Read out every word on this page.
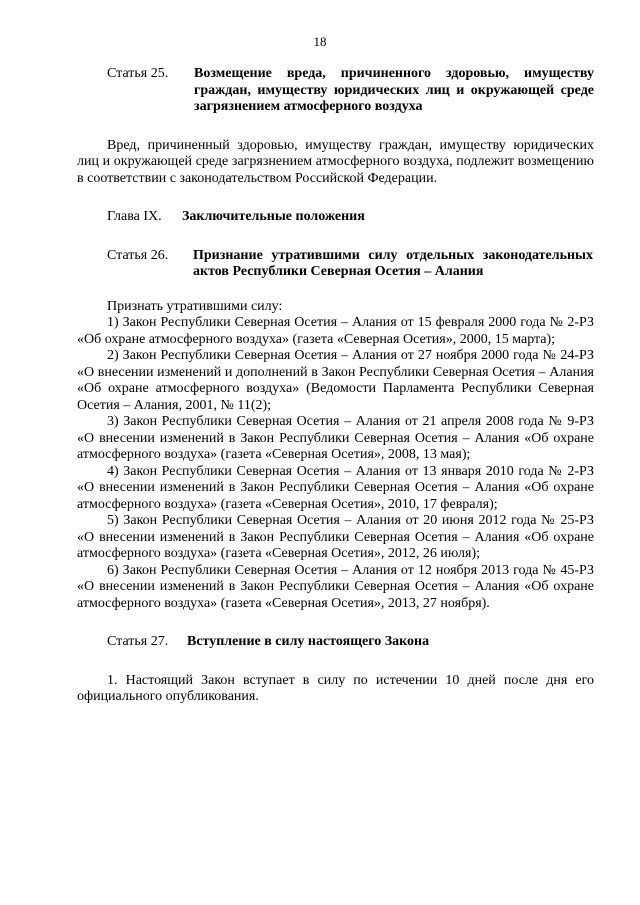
18
Статья 25.	Возмещение вреда, причиненного здоровью, имуществу граждан, имуществу юридических лиц и окружающей среде загрязнением атмосферного воздуха

Вред, причиненный здоровью, имуществу граждан, имуществу юридических лиц и окружающей среде загрязнением атмосферного воздуха, подлежит возмещению в соответствии с законодательством Российской Федерации.

Глава IX.	Заключительные положения
Статья 26.	Признание утратившими силу отдельных законодательных актов Республики Северная Осетия – Алания

Признать утратившими силу:

1) Закон Республики Северная Осетия – Алания от 15 февраля 2000 года № 2-РЗ «Об охране атмосферного воздуха» (газета «Северная Осетия», 2000, 15 марта);

2) Закон Республики Северная Осетия – Алания от 27 ноября 2000 года № 24-РЗ «О внесении изменений и дополнений в Закон Республики Северная Осетия – Алания «Об охране атмосферного воздуха» (Ведомости Парламента Республики Северная Осетия – Алания, 2001, № 11(2);

3) Закон Республики Северная Осетия – Алания от 21 апреля 2008 года № 9-РЗ «О внесении изменений в Закон Республики Северная Осетия – Алания «Об охране атмосферного воздуха» (газета «Северная Осетия», 2008, 13 мая);

4) Закон Республики Северная Осетия – Алания от 13 января 2010 года № 2-РЗ «О внесении изменений в Закон Республики Северная Осетия – Алания «Об охране атмосферного воздуха» (газета «Северная Осетия», 2010, 17 февраля);

5) Закон Республики Северная Осетия – Алания от 20 июня 2012 года № 25-РЗ «О внесении изменений в Закон Республики Северная Осетия – Алания «Об охране атмосферного воздуха» (газета «Северная Осетия», 2012, 26 июля);

6) Закон Республики Северная Осетия – Алания от 12 ноября 2013 года № 45-РЗ «О внесении изменений в Закон Республики Северная Осетия – Алания «Об охране атмосферного воздуха» (газета «Северная Осетия», 2013, 27 ноября).

Статья 27.	Вступление в силу настоящего Закона

1. Настоящий Закон вступает в силу по истечении 10 дней после дня его официального опубликования.
